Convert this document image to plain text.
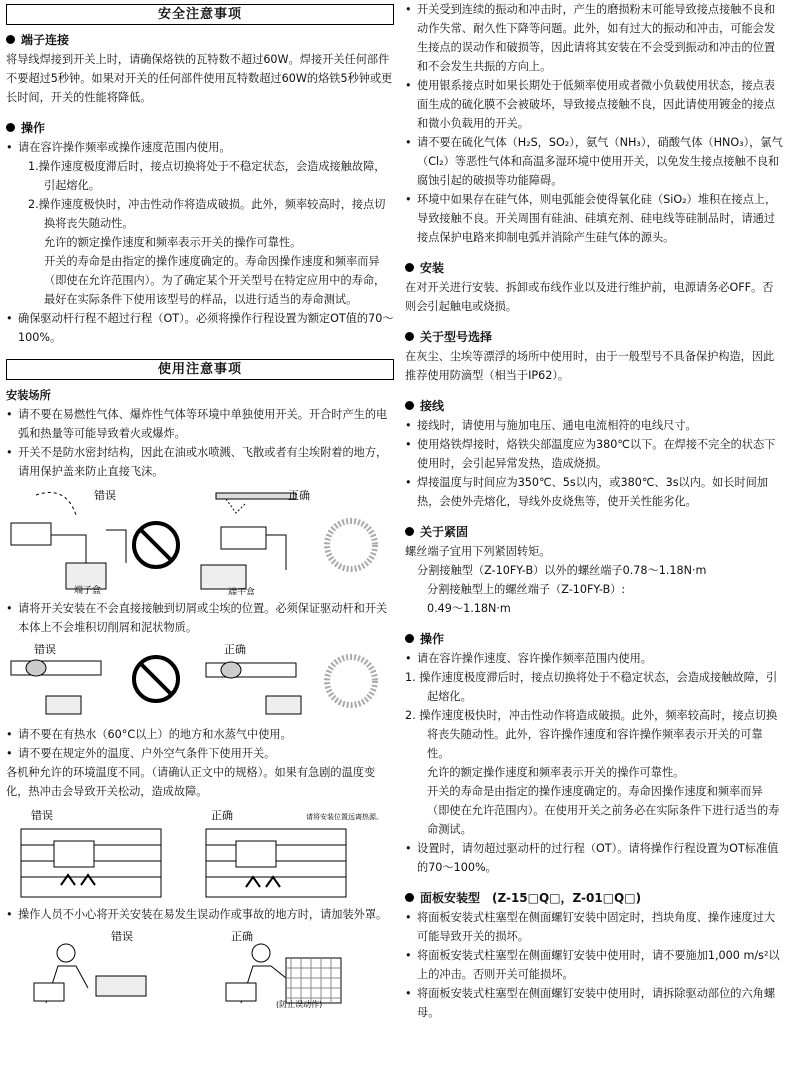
安全注意事项
端子连接

将导线焊接到开关上时，请确保烙铁的瓦特数不超过60W。焊接开关任何部件不要超过5秒钟。如果对开关的任何部件使用瓦特数超过60W的烙铁5秒钟或更长时间，开关的性能将降低。

操作

• 请在容许操作频率或操作速度范围内使用。

1.操作速度极度滞后时，接点切换将处于不稳定状态，会造成接触故障，引起熔化。

2.操作速度极快时，冲击性动作将造成破损。此外，频率较高时，接点切换将丧失随动性。

允许的额定操作速度和频率表示开关的操作可靠性。

开关的寿命是由指定的操作速度确定的。寿命因操作速度和频率而异（即使在允许范围内）。为了确定某个开关型号在特定应用中的寿命，最好在实际条件下使用该型号的样品，以进行适当的寿命测试。

• 确保驱动杆行程不超过行程（OT）。必须将操作行程设置为额定OT值的70～100%。

使用注意事项
安装场所

• 请不要在易燃性气体、爆炸性气体等环境中单独使用开关。开合时产生的电弧和热量等可能导致着火或爆炸。

• 开关不是防水密封结构，因此在油或水喷溅、飞散或者有尘埃附着的地方，请用保护盖来防止直接飞沫。

错误	正确
端子盒	端子盒

• 请将开关安装在不会直接接触到切屑或尘埃的位置。必须保证驱动杆和开关本体上不会堆积切削屑和泥状物质。

错误	正确

• 请不要在有热水（60°C以上）的地方和水蒸气中使用。

• 请不要在规定外的温度、户外空气条件下使用开关。

各机种允许的环境温度不同。（请确认正文中的规格）。如果有急剧的温度变化，热冲击会导致开关松动，造成故障。

错误	正确	请将安装位置远离热源。

• 操作人员不小心将开关安装在易发生误动作或事故的地方时，请加装外罩。

错误	正确
(防止误动作)

• 开关受到连续的振动和冲击时，产生的磨损粉末可能导致接点接触不良和动作失常、耐久性下降等问题。此外，如有过大的振动和冲击，可能会发生接点的误动作和破损等，因此请将其安装在不会受到振动和冲击的位置和不会发生共振的方向上。

• 使用银系接点时如果长期处于低频率使用或者微小负载使用状态，接点表面生成的硫化膜不会被破坏，导致接点接触不良，因此请使用镀金的接点和微小负载用的开关。

• 请不要在硫化气体（H₂S，SO₂），氨气（NH₃），硝酸气体（HNO₃），氯气（Cl₂）等恶性气体和高温多湿环境中使用开关，以免发生接点接触不良和腐蚀引起的破损等功能障碍。

• 环境中如果存在硅气体，则电弧能会使得氧化硅（SiO₂）堆积在接点上，导致接触不良。开关周围有硅油、硅填充剂、硅电线等硅制品时，请通过接点保护电路来抑制电弧并消除产生硅气体的源头。

安装

在对开关进行安装、拆卸或布线作业以及进行维护前，电源请务必OFF。否则会引起触电或烧损。

关于型号选择

在灰尘、尘埃等漂浮的场所中使用时，由于一般型号不具备保护构造，因此推荐使用防滴型（相当于IP62）。

接线

• 接线时，请使用与施加电压、通电电流相符的电线尺寸。

• 使用烙铁焊接时，烙铁尖部温度应为380℃以下。在焊接不完全的状态下使用时，会引起异常发热，造成烧损。

• 焊接温度与时间应为350℃、5s以内，或380℃、3s以内。如长时间加热，会使外壳熔化，导线外皮烧焦等，使开关性能劣化。

关于紧固

螺丝端子宜用下列紧固转矩。

分割接触型（Z-10FY-B）以外的螺丝端子0.78～1.18N·m

分割接触型上的螺丝端子（Z-10FY-B）:

0.49～1.18N·m

操作

• 请在容许操作速度、容许操作频率范围内使用。

1. 操作速度极度滞后时，接点切换将处于不稳定状态，会造成接触故障，引起熔化。

2. 操作速度极快时，冲击性动作将造成破损。此外，频率较高时，接点切换将丧失随动性。此外，容许操作速度和容许操作频率表示开关的可靠性。

允许的额定操作速度和频率表示开关的操作可靠性。

开关的寿命是由指定的操作速度确定的。寿命因操作速度和频率而异（即使在允许范围内）。在使用开关之前务必在实际条件下进行适当的寿命测试。

• 设置时，请勿超过驱动杆的过行程（OT）。请将操作行程设置为OT标准值的70～100%。

面板安装型　(Z-15□Q□，Z-01□Q□)

• 将面板安装式柱塞型在侧面螺钉安装中固定时，挡块角度、操作速度过大可能导致开关的损坏。

• 将面板安装式柱塞型在侧面螺钉安装中使用时，请不要施加1,000 m/s²以上的冲击。否则开关可能损坏。

• 将面板安装式柱塞型在侧面螺钉安装中使用时，请拆除驱动部位的六角螺母。
